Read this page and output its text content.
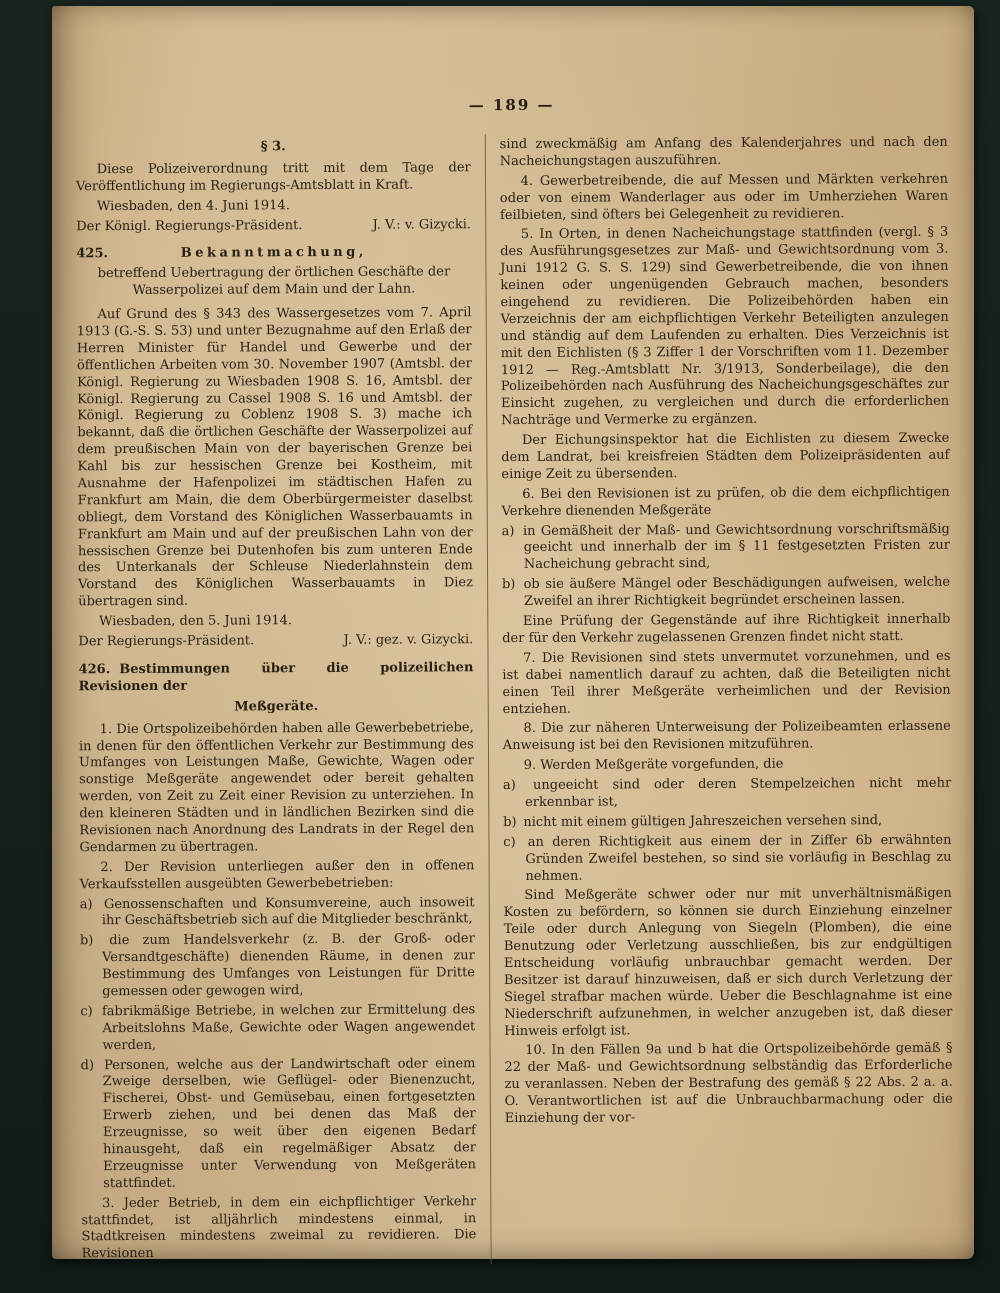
— 189 —
§ 3.
Diese Polizeiverordnung tritt mit dem Tage der Veröffentlichung im Regierungs-Amtsblatt in Kraft.
Wiesbaden, den 4. Juni 1914.
Der Königl. Regierungs-Präsident.	J. V.: v. Gizycki.
425.	Bekanntmachung,
betreffend Uebertragung der örtlichen Geschäfte der Wasserpolizei auf dem Main und der Lahn.
Auf Grund des § 343 des Wassergesetzes vom 7. April 1913 (G.-S. S. 53) und unter Bezugnahme auf den Erlaß der Herren Minister für Handel und Gewerbe und der öffentlichen Arbeiten vom 30. November 1907 (Amtsbl. der Königl. Regierung zu Wiesbaden 1908 S. 16, Amtsbl. der Königl. Regierung zu Cassel 1908 S. 16 und Amtsbl. der Königl. Regierung zu Coblenz 1908 S. 3) mache ich bekannt, daß die örtlichen Geschäfte der Wasserpolizei auf dem preußischen Main von der bayerischen Grenze bei Kahl bis zur hessischen Grenze bei Kostheim, mit Ausnahme der Hafenpolizei im städtischen Hafen zu Frankfurt am Main, die dem Oberbürgermeister daselbst obliegt, dem Vorstand des Königlichen Wasserbauamts in Frankfurt am Main und auf der preußischen Lahn von der hessischen Grenze bei Dutenhofen bis zum unteren Ende des Unterkanals der Schleuse Niederlahnstein dem Vorstand des Königlichen Wasserbauamts in Diez übertragen sind.
Wiesbaden, den 5. Juni 1914.
Der Regierungs-Präsident.	J. V.: gez. v. Gizycki.
426. Bestimmungen über die polizeilichen Revisionen der
Meßgeräte.
1. Die Ortspolizeibehörden haben alle Gewerbebetriebe, in denen für den öffentlichen Verkehr zur Bestimmung des Umfanges von Leistungen Maße, Gewichte, Wagen oder sonstige Meßgeräte angewendet oder bereit gehalten werden, von Zeit zu Zeit einer Revision zu unterziehen. In den kleineren Städten und in ländlichen Bezirken sind die Revisionen nach Anordnung des Landrats in der Regel den Gendarmen zu übertragen.
2. Der Revision unterliegen außer den in offenen Verkaufsstellen ausgeübten Gewerbebetrieben:
a) Genossenschaften und Konsumvereine, auch insoweit ihr Geschäftsbetrieb sich auf die Mitglieder beschränkt,
b) die zum Handelsverkehr (z. B. der Groß- oder Versandtgeschäfte) dienenden Räume, in denen zur Bestimmung des Umfanges von Leistungen für Dritte gemessen oder gewogen wird,
c) fabrikmäßige Betriebe, in welchen zur Ermittelung des Arbeitslohns Maße, Gewichte oder Wagen angewendet werden,
d) Personen, welche aus der Landwirtschaft oder einem Zweige derselben, wie Geflügel- oder Bienenzucht, Fischerei, Obst- und Gemüsebau, einen fortgesetzten Erwerb ziehen, und bei denen das Maß der Erzeugnisse, so weit über den eigenen Bedarf hinausgeht, daß ein regelmäßiger Absatz der Erzeugnisse unter Verwendung von Meßgeräten stattfindet.
3. Jeder Betrieb, in dem ein eichpflichtiger Verkehr stattfindet, ist alljährlich mindestens einmal, in Stadtkreisen mindestens zweimal zu revidieren. Die Revisionen
sind zweckmäßig am Anfang des Kalenderjahres und nach den Nacheichungstagen auszuführen.
4. Gewerbetreibende, die auf Messen und Märkten verkehren oder von einem Wanderlager aus oder im Umherziehen Waren feilbieten, sind öfters bei Gelegenheit zu revidieren.
5. In Orten, in denen Nacheichungstage stattfinden (vergl. § 3 des Ausführungsgesetzes zur Maß- und Gewichtsordnung vom 3. Juni 1912 G. S. S. 129) sind Gewerbetreibende, die von ihnen keinen oder ungenügenden Gebrauch machen, besonders eingehend zu revidieren. Die Polizeibehörden haben ein Verzeichnis der am eichpflichtigen Verkehr Beteiligten anzulegen und ständig auf dem Laufenden zu erhalten. Dies Verzeichnis ist mit den Eichlisten (§ 3 Ziffer 1 der Vorschriften vom 11. Dezember 1912 — Reg.-Amtsblatt Nr. 3/1913, Sonderbeilage), die den Polizeibehörden nach Ausführung des Nacheichungsgeschäftes zur Einsicht zugehen, zu vergleichen und durch die erforderlichen Nachträge und Vermerke zu ergänzen.
Der Eichungsinspektor hat die Eichlisten zu diesem Zwecke dem Landrat, bei kreisfreien Städten dem Polizeipräsidenten auf einige Zeit zu übersenden.
6. Bei den Revisionen ist zu prüfen, ob die dem eichpflichtigen Verkehre dienenden Meßgeräte
a) in Gemäßheit der Maß- und Gewichtsordnung vorschriftsmäßig geeicht und innerhalb der im § 11 festgesetzten Fristen zur Nacheichung gebracht sind,
b) ob sie äußere Mängel oder Beschädigungen aufweisen, welche Zweifel an ihrer Richtigkeit begründet erscheinen lassen.
Eine Prüfung der Gegenstände auf ihre Richtigkeit innerhalb der für den Verkehr zugelassenen Grenzen findet nicht statt.
7. Die Revisionen sind stets unvermutet vorzunehmen, und es ist dabei namentlich darauf zu achten, daß die Beteiligten nicht einen Teil ihrer Meßgeräte verheimlichen und der Revision entziehen.
8. Die zur näheren Unterweisung der Polizeibeamten erlassene Anweisung ist bei den Revisionen mitzuführen.
9. Werden Meßgeräte vorgefunden, die
a) ungeeicht sind oder deren Stempelzeichen nicht mehr erkennbar ist,
b) nicht mit einem gültigen Jahreszeichen versehen sind,
c) an deren Richtigkeit aus einem der in Ziffer 6b erwähnten Gründen Zweifel bestehen, so sind sie vorläufig in Beschlag zu nehmen.
Sind Meßgeräte schwer oder nur mit unverhältnismäßigen Kosten zu befördern, so können sie durch Einziehung einzelner Teile oder durch Anlegung von Siegeln (Plomben), die eine Benutzung oder Verletzung ausschließen, bis zur endgültigen Entscheidung vorläufig unbrauchbar gemacht werden. Der Besitzer ist darauf hinzuweisen, daß er sich durch Verletzung der Siegel strafbar machen würde. Ueber die Beschlagnahme ist eine Niederschrift aufzunehmen, in welcher anzugeben ist, daß dieser Hinweis erfolgt ist.
10. In den Fällen 9a und b hat die Ortspolizeibehörde gemäß § 22 der Maß- und Gewichtsordnung selbständig das Erforderliche zu veranlassen. Neben der Bestrafung des gemäß § 22 Abs. 2 a. a. O. Verantwortlichen ist auf die Unbrauchbarmachung oder die Einziehung der vor-
